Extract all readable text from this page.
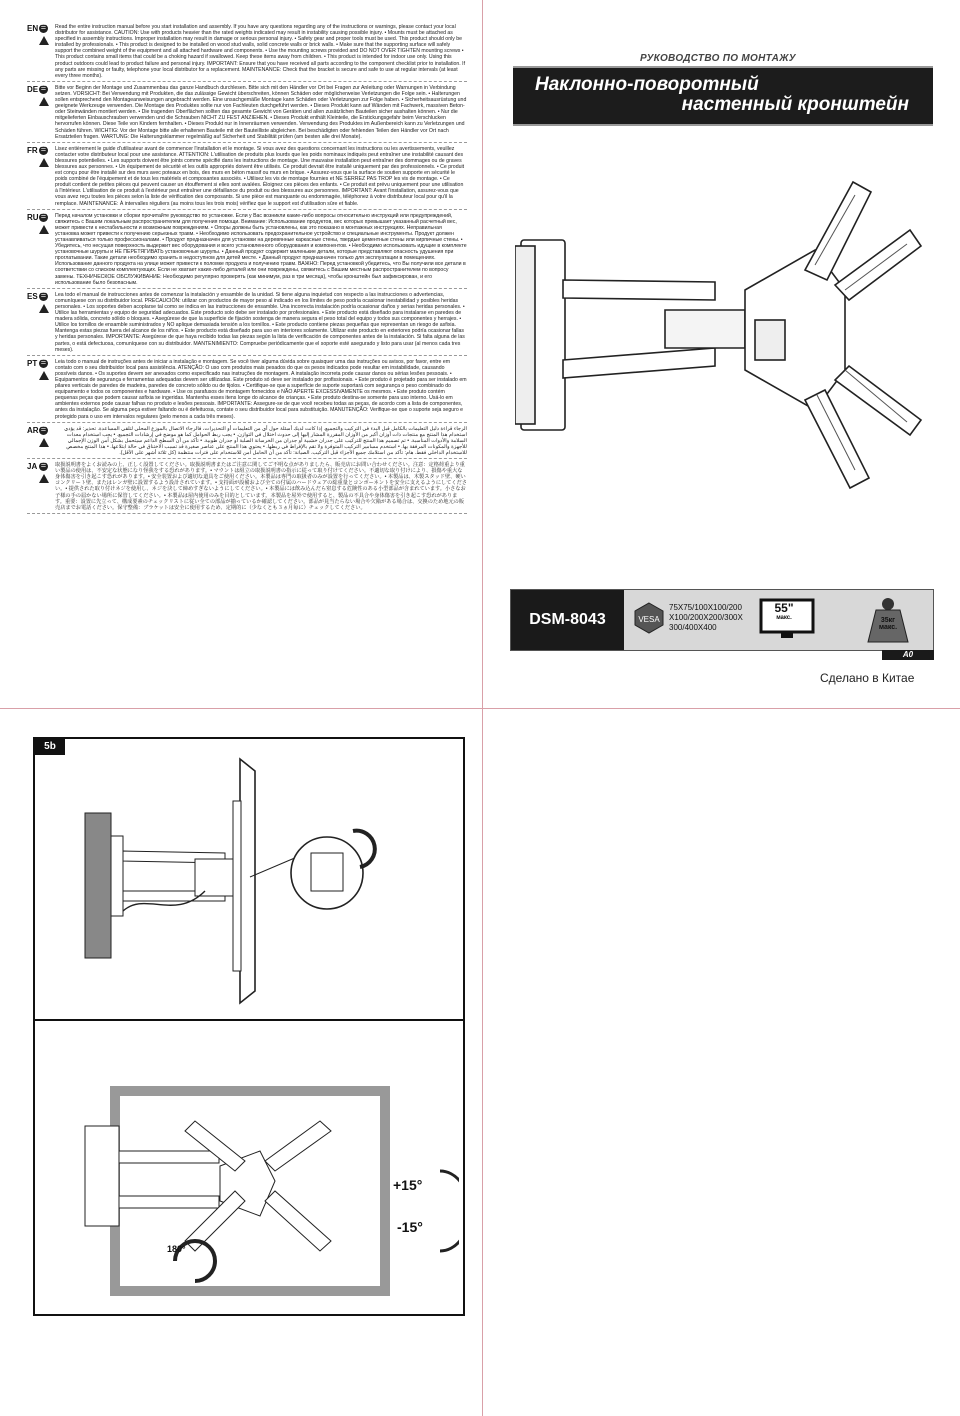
EN ☰	Read the entire instruction manual before you start installation and assembly. If you have any questions regarding any of the instructions or warnings, please contact your local distributor for assistance. CAUTION: Use with products heavier than the rated weights indicated may result in instability causing possible injury. • Mounts must be attached as specified in assembly instructions. Improper installation may result in damage or serious personal injury. • Safety gear and proper tools must be used. This product should only be installed by professionals. • This product is designed to be installed on wood stud walls, solid concrete walls or brick walls. • Make sure that the supporting surface will safely support the combined weight of the equipment and all attached hardware and components. • Use the mounting screws provided and DO NOT OVER TIGHTEN mounting screws • This product contains small items that could be a choking hazard if swallowed. Keep these items away from children. • This product is intended for indoor use only. Using this product outdoors could lead to product failure and personal injury. IMPORTANT: Ensure that you have received all parts according to the component checklist prior to installation. If any parts are missing or faulty, telephone your local distributor for a replacement. MAINTENANCE: Check that the bracket is secure and safe to use at regular intervals (at least every three months).

DE ☰	Bitte vor Beginn der Montage und Zusammenbau das ganze Handbuch durchlesen. Bitte sich mit den Händler vor Ort bei Fragen zur Anleitung oder Warnungen in Verbindung setzen. VORSICHT: Bei Verwendung mit Produkten, die das zulässige Gewicht überschreiten, können Schäden oder möglicherweise Verletzungen die Folge sein. • Halterungen sollen entsprechend den Montageanweisungen angebracht werden. Eine unsachgemäße Montage kann Schäden oder Verletzungen zur Folge haben. • Sicherheitsausrüstung und geeignete Werkzeuge verwenden. Die Montage des Produktes sollte nur von Fachleuten durchgeführt werden. • Dieses Produkt kann auf Wänden mit Fachwerk, massiven Beton- oder Steinwänden montiert werden. • Die tragenden Oberflächen sollten das gesamte Gewicht von Geräten und allen zusätzlichen Bauteilen sicher aushalten können. • Nur die mitgelieferten Einbauschrauben verwenden und die Schrauben NICHT ZU FEST ANZIEHEN. • Dieses Produkt enthält Kleinteile, die Erstickungsgefahr beim Verschlucken hervorrufen können. Diese Teile von Kindern fernhalten. • Dieses Produkt nur in Innenräumen verwenden. Verwendung des Produktes im Außenbereich kann zu Verletzungen und Schäden führen. WICHTIG: Vor der Montage bitte alle erhaltenen Bauteile mit der Bauteilliste abgleichen. Bei beschädigten oder fehlenden Teilen den Händler vor Ort nach Ersatzteilen fragen. WARTUNG: Die Halterungsklammer regelmäßig auf Sicherheit und Stabilität prüfen (am besten alle drei Monate).

FR ☰	Lisez entièrement le guide d'utilisateur avant de commencer l'installation et le montage. Si vous avez des questions concernant les instructions ou les avertissements, veuillez contacter votre distributeur local pour une assistance. ATTENTION: L'utilisation de produits plus lourds que les poids nominaux indiqués peut entraîner une instabilité causant des blessures potentielles. • Les supports doivent être joints comme spécifié dans les instructions de montage. Une mauvaise installation peut entraîner des dommages ou de graves blessures aux personnes. • Un équipement de sécurité et les outils appropriés doivent être utilisés. Ce produit devrait être installé uniquement par des professionnels. • Ce produit est conçu pour être installé sur des murs avec poteaux en bois, des murs en béton massif ou murs en brique. • Assurez-vous que la surface de soutien supporte en sécurité le poids combiné de l'équipement et de tous les matériels et composantes associés. • Utilisez les vis de montage fournies et NE SERREZ PAS TROP les vis de montage. • Ce produit contient de petites pièces qui peuvent causer un étouffement si elles sont avalées. Éloignez ces pièces des enfants. • Ce produit est prévu uniquement pour une utilisation à l'intérieur. L'utilisation de ce produit à l'extérieur peut entraîner une défaillance du produit ou des blessures aux personnes. IMPORTANT: Avant l'installation, assurez-vous que vous avez reçu toutes les pièces selon la liste de vérification des composants. Si une pièce est manquante ou endommagée, téléphonez à votre distributeur local pour qu'il la remplace. MAINTENANCE: À intervalles réguliers (au moins tous les trois mois) vérifiez que le support est d'utilisation sûre et fiable.

RU ☰	Перед началом установки и сборки прочитайте руководство по установке. Если у Вас возникли какие-либо вопросы относительно инструкций или предупреждений, свяжитесь с Вашим локальным распространителем для получения помощи. Внимание: Использование продуктов, вес которых превышает указанный расчетный вес, может привести к нестабильности и возможным повреждениям. • Опоры должны быть установлены, как это показано в монтажных инструкциях. Неправильная установка может привести к получению серьезных травм. • Необходимо использовать предохранительное устройство и специальные инструменты. Продукт должен устанавливаться только профессионалами. • Продукт предназначен для установки на деревянные каркасные стены, твердые цементные стены или кирпичные стены. • Убедитесь, что несущая поверхность выдержит вес оборудования и всего установленного оборудования и компонентов. • Необходимо использовать идущие в комплекте установочные шурупы и НЕ ПЕРЕТЯГИВАТЬ установочные шурупы. • Данный продукт содержит маленькие детали, которые представляют опасность удушения при проглатывании. Такие детали необходимо хранить в недоступном для детей месте. • Данный продукт предназначен только для эксплуатации в помещениях. Использование данного продукта на улице может привести к поломке продукта и получению травм. ВАЖНО: Перед установкой убедитесь, что Вы получили все детали в соответствии со списком комплектующих. Если не хватает каких-либо деталей или они повреждены, свяжитесь с Вашим местным распространителем по вопросу замены. ТЕХНИЧЕСКОЕ ОБСЛУЖИВАНИЕ: Необходимо регулярно проверять (как минимум, раз в три месяца), чтобы кронштейн был зафиксирован, и его использование было безопасным.

ES ☰	Lea todo el manual de instrucciones antes de comenzar la instalación y ensamble de la unidad. Si tiene alguna inquietud con respecto a las instrucciones o advertencias, comuníquese con su distribuidor local. PRECAUCIÓN: utilizar con productos de mayor peso al indicado en los límites de peso podría ocasionar inestabilidad y posibles heridas personales. • Los soportes deben acoplarse tal como se indica en las instrucciones de ensamble. Una incorrecta instalación podría ocasionar daños y serias heridas personales. • Utilice las herramientas y equipo de seguridad adecuados. Este producto solo debe ser instalado por profesionales. • Este producto está diseñado para instalarse en paredes de madera sólida, concreto sólido o bloques. • Asegúrese de que la superficie de fijación sostenga de manera segura el peso total del equipo y todos sus componentes y herrajes. • Utilice los tornillos de ensamble suministrados y NO aplique demasiada tensión a los tornillos. • Este producto contiene piezas pequeñas que representan un riesgo de asfixia. Mantenga estas piezas fuera del alcance de los niños. • Este producto está diseñado para uso en interiores solamente. Utilizar este producto en exteriores podría ocasionar fallas y heridas personales. IMPORTANTE: Asegúrese de que haya recibido todas las piezas según la lista de verificación de componentes antes de la instalación. Si falta alguna de las partes, o está defectuosa, comuníquese con su distribuidor. MANTENIMIENTO: Compruebe periódicamente que el soporte esté asegurado y listo para usar (al menos cada tres meses).

PT ☰	Leia todo o manual de instruções antes de iniciar a instalação e montagem. Se você tiver alguma dúvida sobre quaisquer uma das instruções ou avisos, por favor, entre em contato com o seu distribuidor local para assistência. ATENÇÃO: O uso com produtos mais pesados do que os pesos indicados pode resultar em instabilidade, causando possíveis danos. • Os suportes devem ser anexados como especificado nas instruções de montagem. A instalação incorreta pode causar danos ou sérias lesões pessoais. • Equipamentos de segurança e ferramentas adequadas devem ser utilizadas. Este produto só deve ser instalado por profissionais. • Este produto é projetado para ser instalado em pilares verticais de paredes de madeira, paredes de concreto sólido ou de tijolos. • Certifique-se que a superfície de suporte suportará com segurança o peso combinado do equipamento e todos os componentes e hardware. • Use os parafusos de montagem fornecidos e NÃO APERTE EXCESSIVAMENTE os mesmos. • Este produto contém pequenas peças que podem causar asfixia se ingeridas. Mantenha esses itens longe do alcance de crianças. • Este produto destina-se somente para uso interno. Usá-lo em ambientes externos pode causar falhas no produto e lesões pessoais. IMPORTANTE: Assegure-se de que você recebeu todas as peças, de acordo com a lista de componentes, antes da instalação. Se alguma peça estiver faltando ou é defeituosa, contate o seu distribuidor local para substituição. MANUTENÇÃO: Verifique-se que o suporte seja seguro e protegido para o uso em intervalos regulares (pelo menos a cada três meses).

AR ☰	الرجاء قراءة دليل التعليمات بالكامل قبل البدء في التركيب والتجميع. إذا كانت لديك أسئلة حول أي من التعليمات أو التحذيرات، فالرجاء الاتصال بالموزع المحلي لتلقي المساعدة. تحذير: قد يؤدي استخدام هذا المنتج مع منتجات ذات أوزان أكبر من الأوزان المقررة المشار إليها إلى حدوث اختلال في التوازن. • يجب ربط الحوامل كما هو موضح في إرشادات التجميع. • يجب استخدام معدات السلامة والأدوات المناسبة. • تم تصميم هذا المنتج للتركيب على جدران خشبية أو جدران من الخرسانة الصلبة أو جدران طوبية. • تأكد من أن السطح الداعم سيتحمل بشكل آمن الوزن الإجمالي للأجهزة والمكونات المرفقة بها. • استخدم مسامير التركيب المتوفرة ولا تقم بالإفراط في ربطها. • يحتوي هذا المنتج على عناصر صغيرة قد تسبب الاختناق في حالة ابتلاعها. • هذا المنتج مخصص للاستخدام الداخلي فقط. هام: تأكد من استلامك جميع الأجزاء قبل التركيب. الصيانة: تأكد من أن الحامل آمن للاستخدام على فترات منتظمة (كل ثلاثة أشهر على الأقل).

JA ☰	取扱説明書をよくお読みの上、正しく設置してください。取扱説明書またはご注意に関してご不明な点がありましたら、販売店にお問い合わせください。注意：定格荷重より重い製品の使用は、不安定な状態になり怪我をする恐れがあります。• マウントは組立の取扱説明書の指示に従って取り付けてください。不適切な取り付けにより、損傷や重大な身体傷害を引き起こす恐れがあります。• 安全装置および適切な道具をご使用ください。本製品は専門の取扱者のみが設置を行ってください。• 本製品は、木製スタッド壁、硬いコンクリート壁、またはレンガ壁に設置するよう設計されています。• 支持面が設備および全ての付属のハードウェアの総重量とコンポーネントを安全に支えるようにしてください。• 提供された取り付けネジを使用し、ネジを決して締めすぎないようにしてください。• 本製品には飲み込んだら窒息する危険性のある小型部品が含まれています。小さなお子様の手の届かない場所に保管してください。• 本製品は屋内使用のみを目的としています。本製品を屋外で使用すると、製品の不具合や身体傷害を引き起こす恐れがあります。重要：設置に先立って、構成要素のチェックリストに従い全ての部品が揃っているか確認してください。部品が見当たらない場合や欠陥がある場合は、交換のため地元の販売店までお電話ください。保守整備：ブラケットは安全に使用するため、定期的に（少なくとも３ヵ月毎に）チェックしてください。

РУКОВОДСТВО ПО МОНТАЖУ
Наклонно-поворотный
настенный кронштейн
DSM-8043	VESA
75X75/100X100/200 X100/200X200/300X 300/400X400
55"
макс.	35кг
макс.
A0
Сделано в Китае
5b
+15°
-15°
180°
